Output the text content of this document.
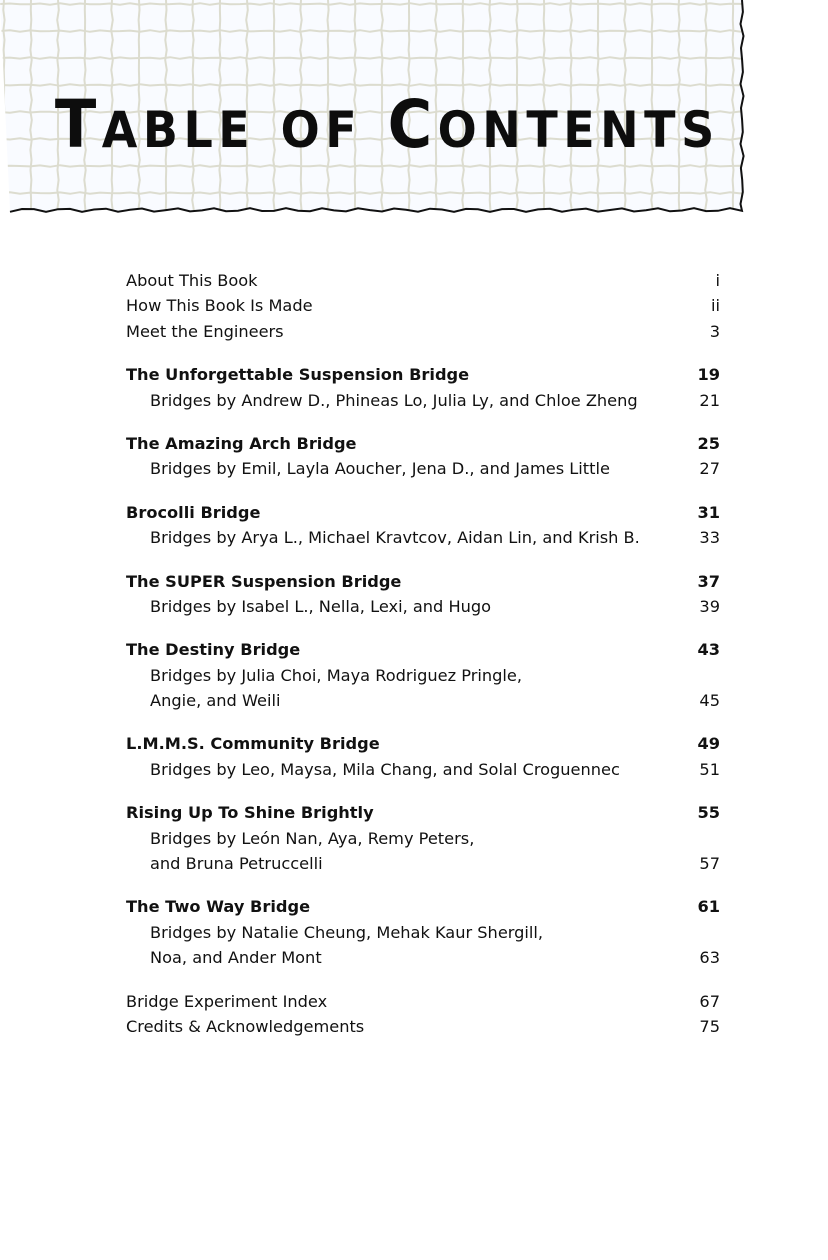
TABLE OF CONTENTS
About This Book	i
How This Book Is Made	ii
Meet the Engineers	3
The Unforgettable Suspension Bridge	19
Bridges by Andrew D., Phineas Lo, Julia Ly, and Chloe Zheng	21
The Amazing Arch Bridge	25
Bridges by Emil, Layla Aoucher, Jena D., and James Little	27
Brocolli Bridge	31
Bridges by Arya L., Michael Kravtcov, Aidan Lin, and Krish B.	33
The SUPER Suspension Bridge	37
Bridges by Isabel L., Nella, Lexi, and Hugo	39
The Destiny Bridge	43
Bridges by Julia Choi, Maya Rodriguez Pringle,
Angie, and Weili	45
L.M.M.S. Community Bridge	49
Bridges by Leo, Maysa, Mila Chang, and Solal Croguennec	51
Rising Up To Shine Brightly	55
Bridges by León Nan, Aya, Remy Peters,
and Bruna Petruccelli	57
The Two Way Bridge	61
Bridges by Natalie Cheung, Mehak Kaur Shergill,
Noa, and Ander Mont	63
Bridge Experiment Index	67
Credits & Acknowledgements	75
